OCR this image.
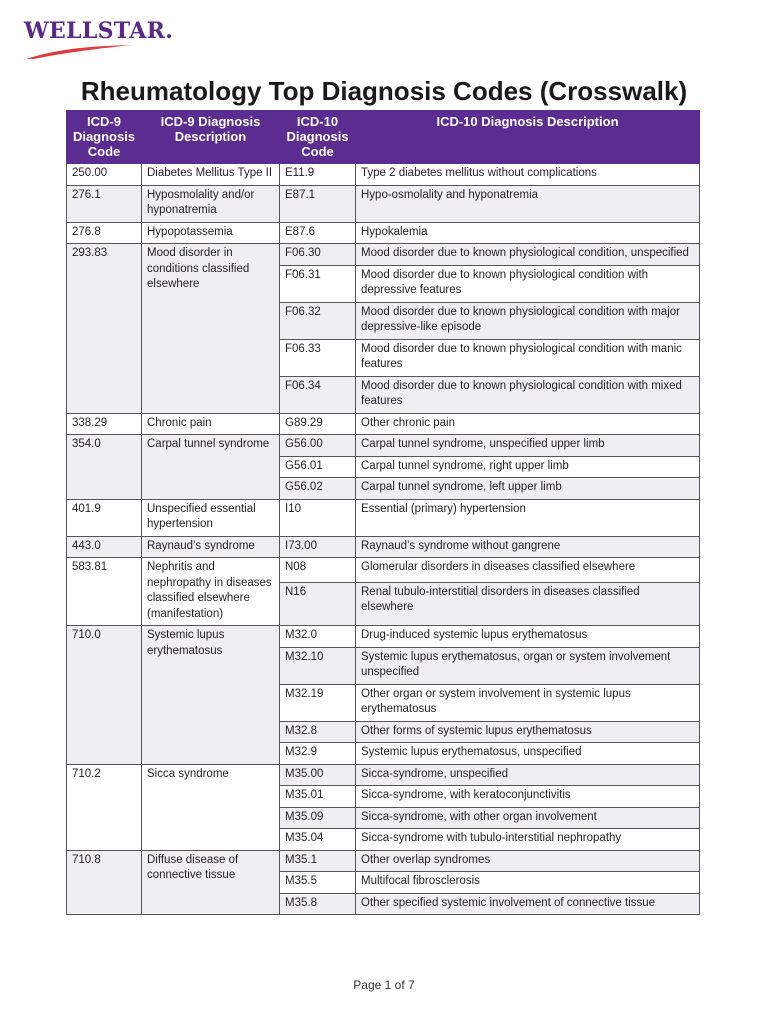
WELLSTAR.
Rheumatology Top Diagnosis Codes (Crosswalk)
ICD-9 Diagnosis Code	ICD-9 Diagnosis Description	ICD-10 Diagnosis Code	ICD-10 Diagnosis Description
250.00	Diabetes Mellitus Type II	E11.9	Type 2 diabetes mellitus without complications
276.1	Hyposmolality and/or hyponatremia	E87.1	Hypo-osmolality and hyponatremia
276.8	Hypopotassemia	E87.6	Hypokalemia
293.83	Mood disorder in conditions classified elsewhere	F06.30	Mood disorder due to known physiological condition, unspecified
		F06.31	Mood disorder due to known physiological condition with depressive features
		F06.32	Mood disorder due to known physiological condition with major depressive-like episode
		F06.33	Mood disorder due to known physiological condition with manic features
		F06.34	Mood disorder due to known physiological condition with mixed features
338.29	Chronic pain	G89.29	Other chronic pain
354.0	Carpal tunnel syndrome	G56.00	Carpal tunnel syndrome, unspecified upper limb
		G56.01	Carpal tunnel syndrome, right upper limb
		G56.02	Carpal tunnel syndrome, left upper limb
401.9	Unspecified essential hypertension	I10	Essential (primary) hypertension
443.0	Raynaud’s syndrome	I73.00	Raynaud’s syndrome without gangrene
583.81	Nephritis and nephropathy in diseases classified elsewhere (manifestation)	N08	Glomerular disorders in diseases classified elsewhere
		N16	Renal tubulo-interstitial disorders in diseases classified elsewhere
710.0	Systemic lupus erythematosus	M32.0	Drug-induced systemic lupus erythematosus
		M32.10	Systemic lupus erythematosus, organ or system involvement unspecified
		M32.19	Other organ or system involvement in systemic lupus erythematosus
		M32.8	Other forms of systemic lupus erythematosus
		M32.9	Systemic lupus erythematosus, unspecified
710.2	Sicca syndrome	M35.00	Sicca-syndrome, unspecified
		M35.01	Sicca-syndrome, with keratoconjunctivitis
		M35.09	Sicca-syndrome, with other organ involvement
		M35.04	Sicca-syndrome with tubulo-interstitial nephropathy
710.8	Diffuse disease of connective tissue	M35.1	Other overlap syndromes
		M35.5	Multifocal fibrosclerosis
		M35.8	Other specified systemic involvement of connective tissue
Page 1 of 7
